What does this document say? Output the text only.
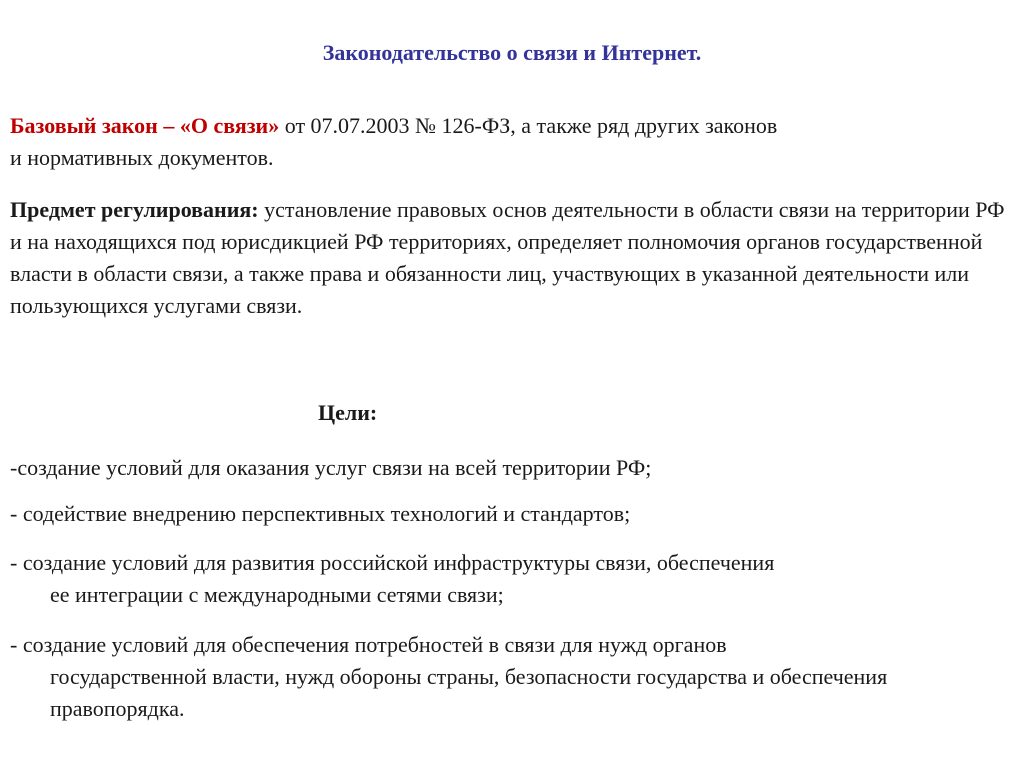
Законодательство о связи и Интернет.

Базовый закон – «О связи» от 07.07.2003 № 126-ФЗ, а также ряд других законов
и нормативных документов.

Предмет регулирования: установление правовых основ деятельности в области связи на территории РФ и на находящихся под юрисдикцией РФ территориях, определяет полномочия органов государственной власти в области связи, а также права и обязанности лиц, участвующих в указанной деятельности или пользующихся услугами связи.

Цели:

-создание условий для оказания услуг связи на всей территории РФ;

- содействие внедрению перспективных технологий и стандартов;

- создание условий для развития российской инфраструктуры связи, обеспечения
ее интеграции с международными сетями связи;

- создание условий для обеспечения потребностей в связи для нужд органов
государственной власти, нужд обороны страны, безопасности государства и обеспечения правопорядка.
